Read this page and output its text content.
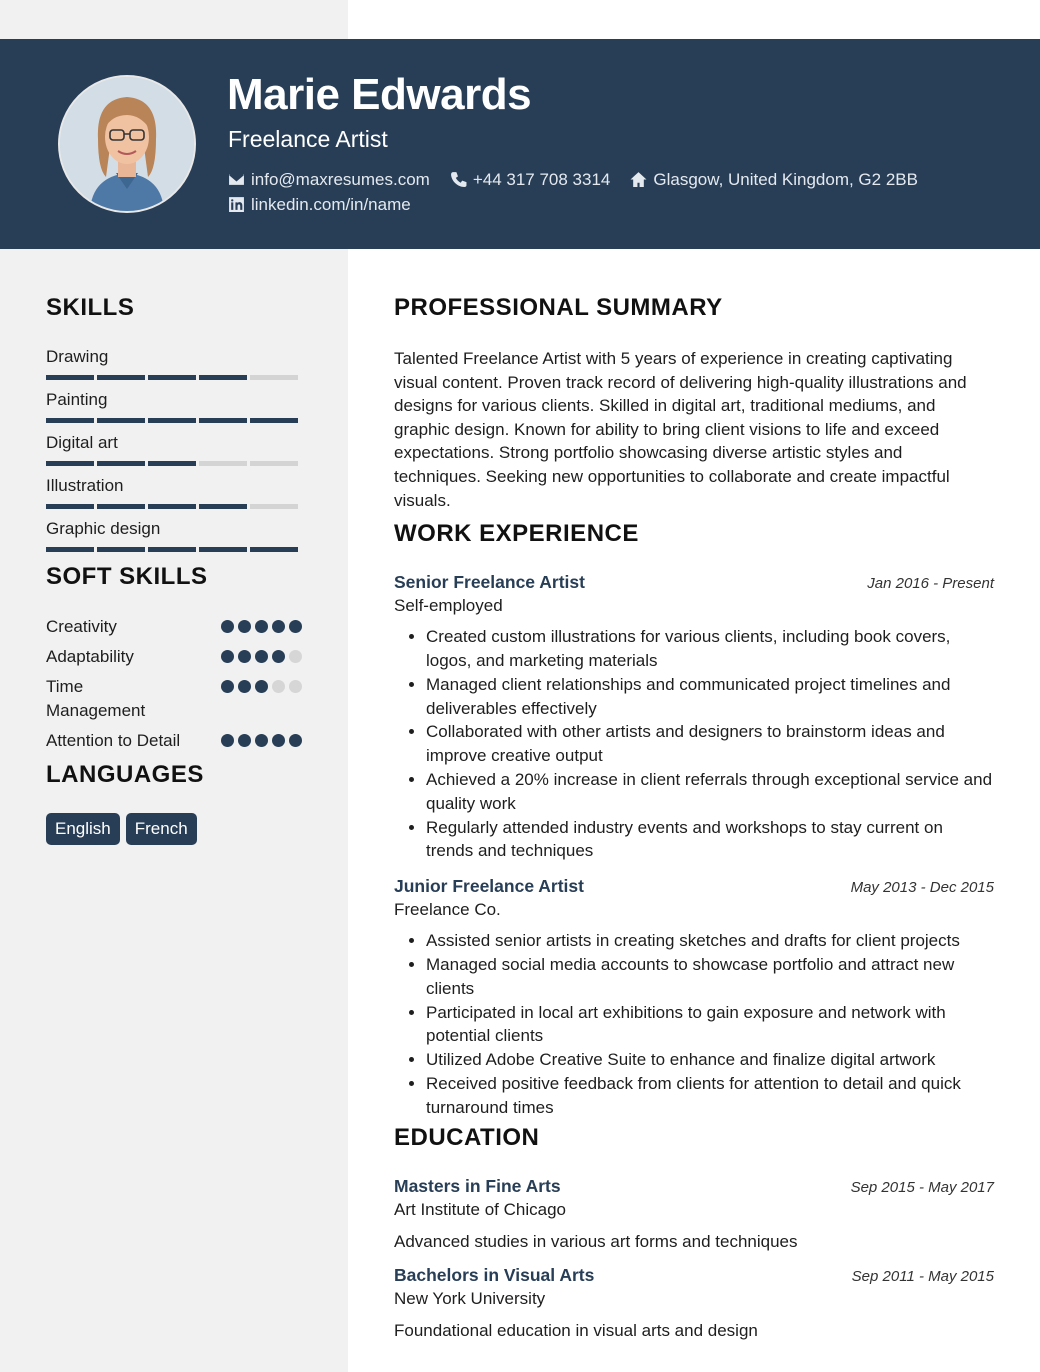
Marie Edwards
Freelance Artist
info@maxresumes.com	+44 317 708 3314	Glasgow, United Kingdom, G2 2BB
linkedin.com/in/name
SKILLS
Drawing
Painting
Digital art
Illustration
Graphic design
SOFT SKILLS
Creativity
Adaptability
Time Management
Attention to Detail
LANGUAGES
English	French
PROFESSIONAL SUMMARY
Talented Freelance Artist with 5 years of experience in creating captivating visual content. Proven track record of delivering high-quality illustrations and designs for various clients. Skilled in digital art, traditional mediums, and graphic design. Known for ability to bring client visions to life and exceed expectations. Strong portfolio showcasing diverse artistic styles and techniques. Seeking new opportunities to collaborate and create impactful visuals.
WORK EXPERIENCE
Senior Freelance Artist	Jan 2016 - Present
Self-employed
• Created custom illustrations for various clients, including book covers, logos, and marketing materials
• Managed client relationships and communicated project timelines and deliverables effectively
• Collaborated with other artists and designers to brainstorm ideas and improve creative output
• Achieved a 20% increase in client referrals through exceptional service and quality work
• Regularly attended industry events and workshops to stay current on trends and techniques
Junior Freelance Artist	May 2013 - Dec 2015
Freelance Co.
• Assisted senior artists in creating sketches and drafts for client projects
• Managed social media accounts to showcase portfolio and attract new clients
• Participated in local art exhibitions to gain exposure and network with potential clients
• Utilized Adobe Creative Suite to enhance and finalize digital artwork
• Received positive feedback from clients for attention to detail and quick turnaround times
EDUCATION
Masters in Fine Arts	Sep 2015 - May 2017
Art Institute of Chicago
Advanced studies in various art forms and techniques
Bachelors in Visual Arts	Sep 2011 - May 2015
New York University
Foundational education in visual arts and design
